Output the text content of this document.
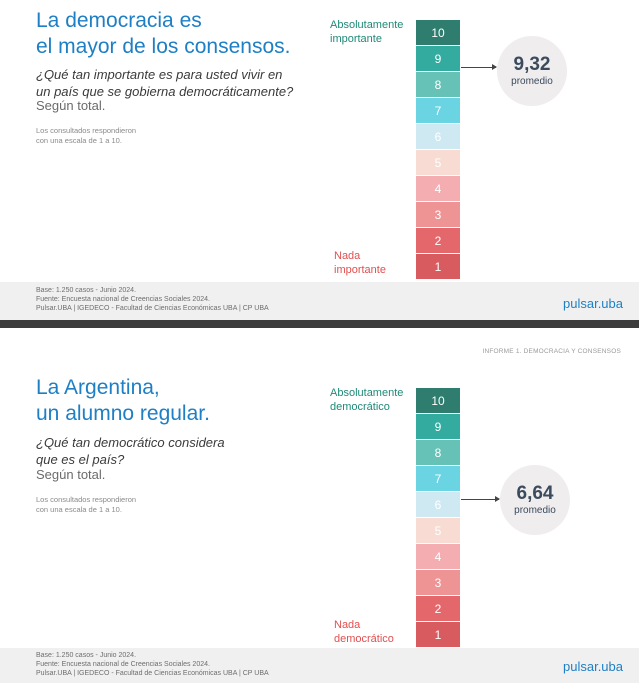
La democracia es
el mayor de los consensos.

¿Qué tan importante es para usted vivir en
un país que se gobierna democráticamente?

Según total.

Los consultados respondieron
con una escala de 1 a 10.

Absolutamente
importante
Nada
importante
10
9
8
7
6
5
4
3
2
1
9,32
promedio
Base: 1.250 casos - Junio 2024.
Fuente: Encuesta nacional de Creencias Sociales 2024.
Pulsar.UBA | IGEDECO - Facultad de Ciencias Económicas UBA | CP UBA	pulsar.uba
INFORME 1. DEMOCRACIA Y CONSENSOS
La Argentina,
un alumno regular.

¿Qué tan democrático considera
que es el país?

Según total.

Los consultados respondieron
con una escala de 1 a 10.

Absolutamente
democrático
Nada
democrático
10
9
8
7
6
5
4
3
2
1
6,64
promedio
Base: 1.250 casos - Junio 2024.
Fuente: Encuesta nacional de Creencias Sociales 2024.
Pulsar.UBA | IGEDECO - Facultad de Ciencias Económicas UBA | CP UBA	pulsar.uba
